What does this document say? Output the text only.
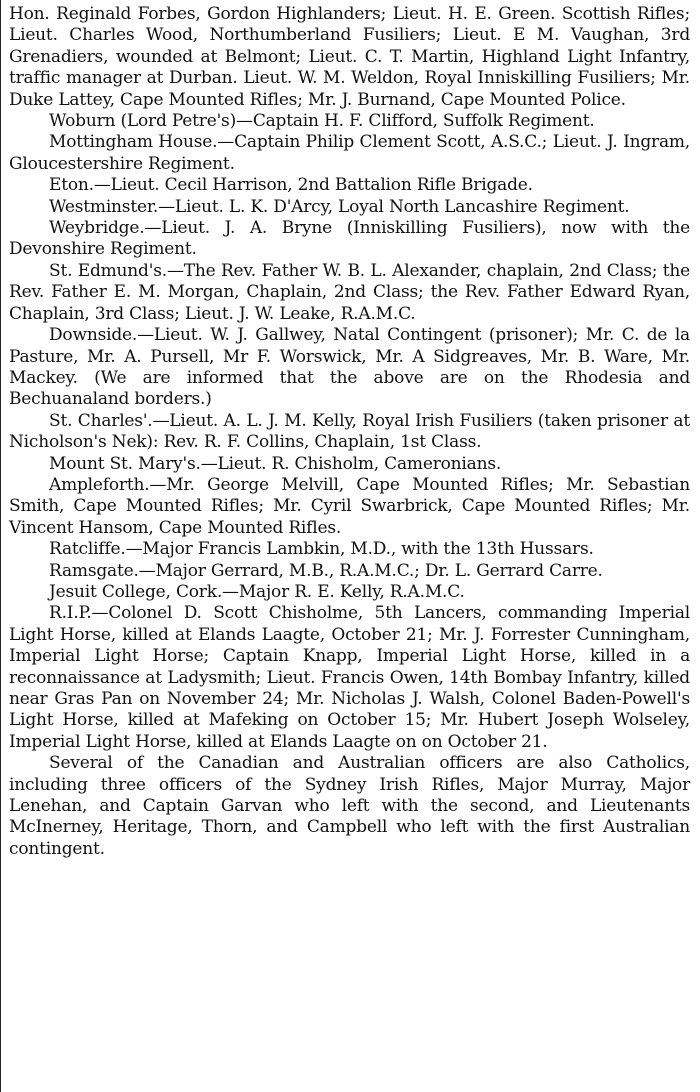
Hon. Reginald Forbes, Gordon Highlanders; Lieut. H. E. Green. Scottish Rifles; Lieut. Charles Wood, Northumberland Fusiliers; Lieut. E M. Vaughan, 3rd Grenadiers, wounded at Belmont; Lieut. C. T. Martin, Highland Light Infantry, traffic manager at Durban. Lieut. W. M. Weldon, Royal Inniskilling Fusiliers; Mr. Duke Lattey, Cape Mounted Rifles; Mr. J. Burnand, Cape Mounted Police.

Woburn (Lord Petre's)—Captain H. F. Clifford, Suffolk Regiment.

Mottingham House.—Captain Philip Clement Scott, A.S.C.; Lieut. J. Ingram, Gloucestershire Regiment.

Eton.—Lieut. Cecil Harrison, 2nd Battalion Rifle Brigade.

Westminster.—Lieut. L. K. D'Arcy, Loyal North Lancashire Regiment.

Weybridge.—Lieut. J. A. Bryne (Inniskilling Fusiliers), now with the Devonshire Regiment.

St. Edmund's.—The Rev. Father W. B. L. Alexander, chaplain, 2nd Class; the Rev. Father E. M. Morgan, Chaplain, 2nd Class; the Rev. Father Edward Ryan, Chaplain, 3rd Class; Lieut. J. W. Leake, R.A.M.C.

Downside.—Lieut. W. J. Gallwey, Natal Contingent (prisoner); Mr. C. de la Pasture, Mr. A. Pursell, Mr F. Worswick, Mr. A Sidgreaves, Mr. B. Ware, Mr. Mackey. (We are informed that the above are on the Rhodesia and Bechuanaland borders.)

St. Charles'.—Lieut. A. L. J. M. Kelly, Royal Irish Fusiliers (taken prisoner at Nicholson's Nek): Rev. R. F. Collins, Chaplain, 1st Class.

Mount St. Mary's.—Lieut. R. Chisholm, Cameronians.

Ampleforth.—Mr. George Melvill, Cape Mounted Rifles; Mr. Sebastian Smith, Cape Mounted Rifles; Mr. Cyril Swarbrick, Cape Mounted Rifles; Mr. Vincent Hansom, Cape Mounted Rifles.

Ratcliffe.—Major Francis Lambkin, M.D., with the 13th Hussars.

Ramsgate.—Major Gerrard, M.B., R.A.M.C.; Dr. L. Gerrard Carre.

Jesuit College, Cork.—Major R. E. Kelly, R.A.M.C.

R.I.P.—Colonel D. Scott Chisholme, 5th Lancers, commanding Imperial Light Horse, killed at Elands Laagte, October 21; Mr. J. Forrester Cunningham, Imperial Light Horse; Captain Knapp, Imperial Light Horse, killed in a reconnaissance at Ladysmith; Lieut. Francis Owen, 14th Bombay Infantry, killed near Gras Pan on November 24; Mr. Nicholas J. Walsh, Colonel Baden-Powell's Light Horse, killed at Mafeking on October 15; Mr. Hubert Joseph Wolseley, Imperial Light Horse, killed at Elands Laagte on on October 21.

Several of the Canadian and Australian officers are also Catholics, including three officers of the Sydney Irish Rifles, Major Murray, Major Lenehan, and Captain Garvan who left with the second, and Lieutenants McInerney, Heritage, Thorn, and Campbell who left with the first Australian contingent.
